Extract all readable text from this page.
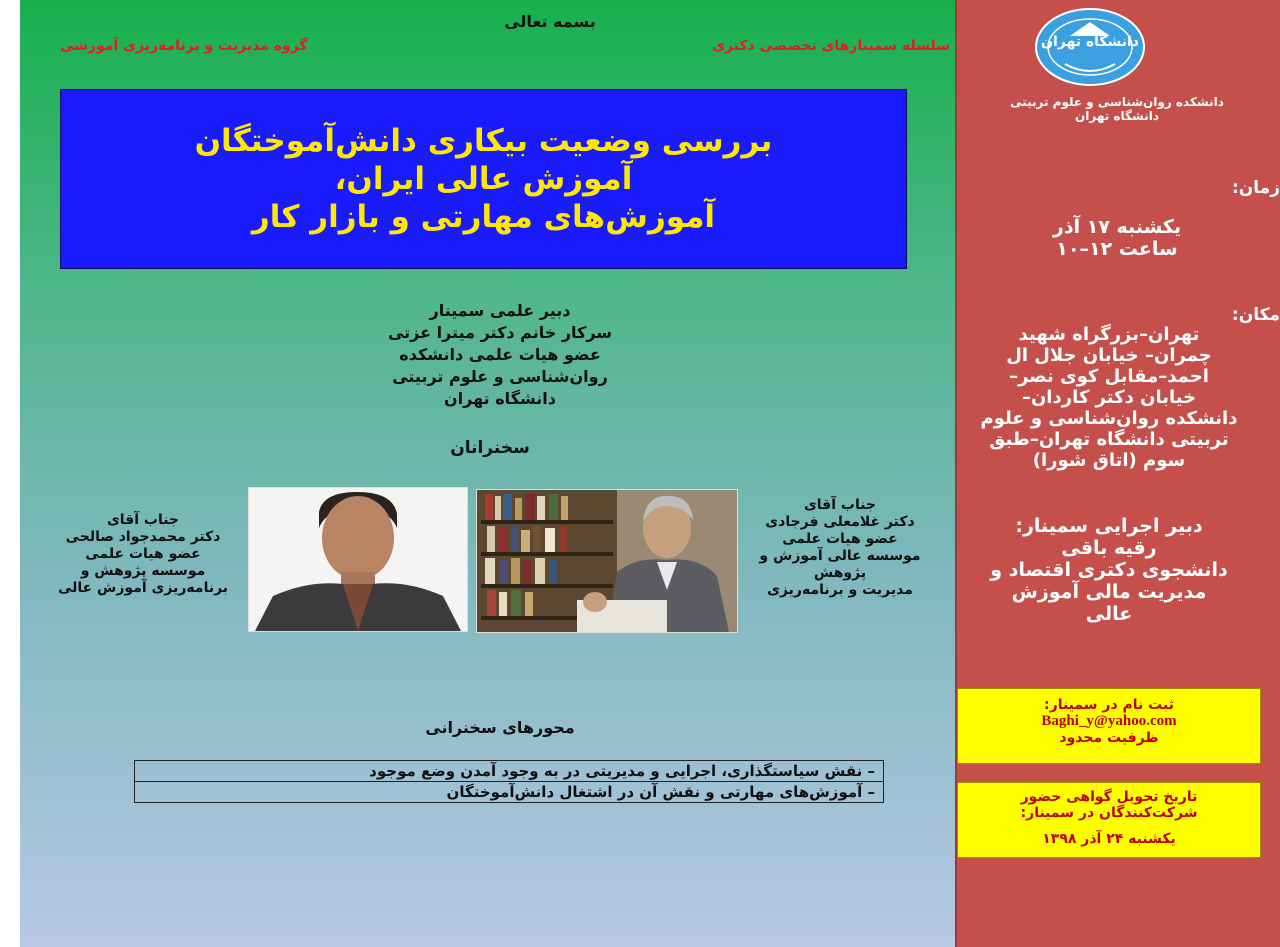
بسمه تعالی
سلسله سمینارهای تخصصی دکتری
گروه مدیریت و برنامه‌ریزی آموزشی
بررسی وضعیت بیکاری دانش‌آموختگان
آموزش عالی ایران،
آموزش‌های مهارتی و بازار کار
دبیر علمی سمینار
سرکار خانم دکتر میترا عزتی
عضو هیات علمی دانشکده
روان‌شناسی و علوم تربیتی
دانشگاه تهران
سخنرانان
جناب آقای
دکتر غلامعلی فرجادی
عضو هیات علمی
موسسه عالی آموزش و
پژوهش
مدیریت و برنامه‌ریزی
جناب آقای
دکتر محمدجواد صالحی
عضو هیات علمی
موسسه پژوهش و
برنامه‌ریزی آموزش عالی
محورهای سخنرانی
– نقش سیاستگذاری، اجرایی و مدیریتی در به وجود آمدن وضع موجود
– آموزش‌های مهارتی و نقش آن در اشتغال دانش‌آموختگان
دانشگاه تهران
دانشکده روان‌شناسی و علوم تربیتی
دانشگاه تهران
زمان:
یکشنبه ۱۷ آذر
ساعت ۱۲–۱۰
مکان:
تهران–بزرگراه شهید
چمران– خیابان جلال ال
احمد–مقابل کوی نصر–
خیابان دکتر کاردان–
دانشکده روان‌شناسی و علوم
تربیتی دانشگاه تهران–طبق
سوم (اتاق شورا)
دبیر اجرایی سمینار:
رقیه باقی
دانشجوی دکتری اقتصاد و
مدیریت مالی آموزش
عالی
ثبت نام در سمینار:
Baghi_y@yahoo.com
ظرفیت محدود
تاریخ تحویل گواهی حضور
شرکت‌کنندگان در سمینار:
یکشنبه ۲۴ آذر ۱۳۹۸
